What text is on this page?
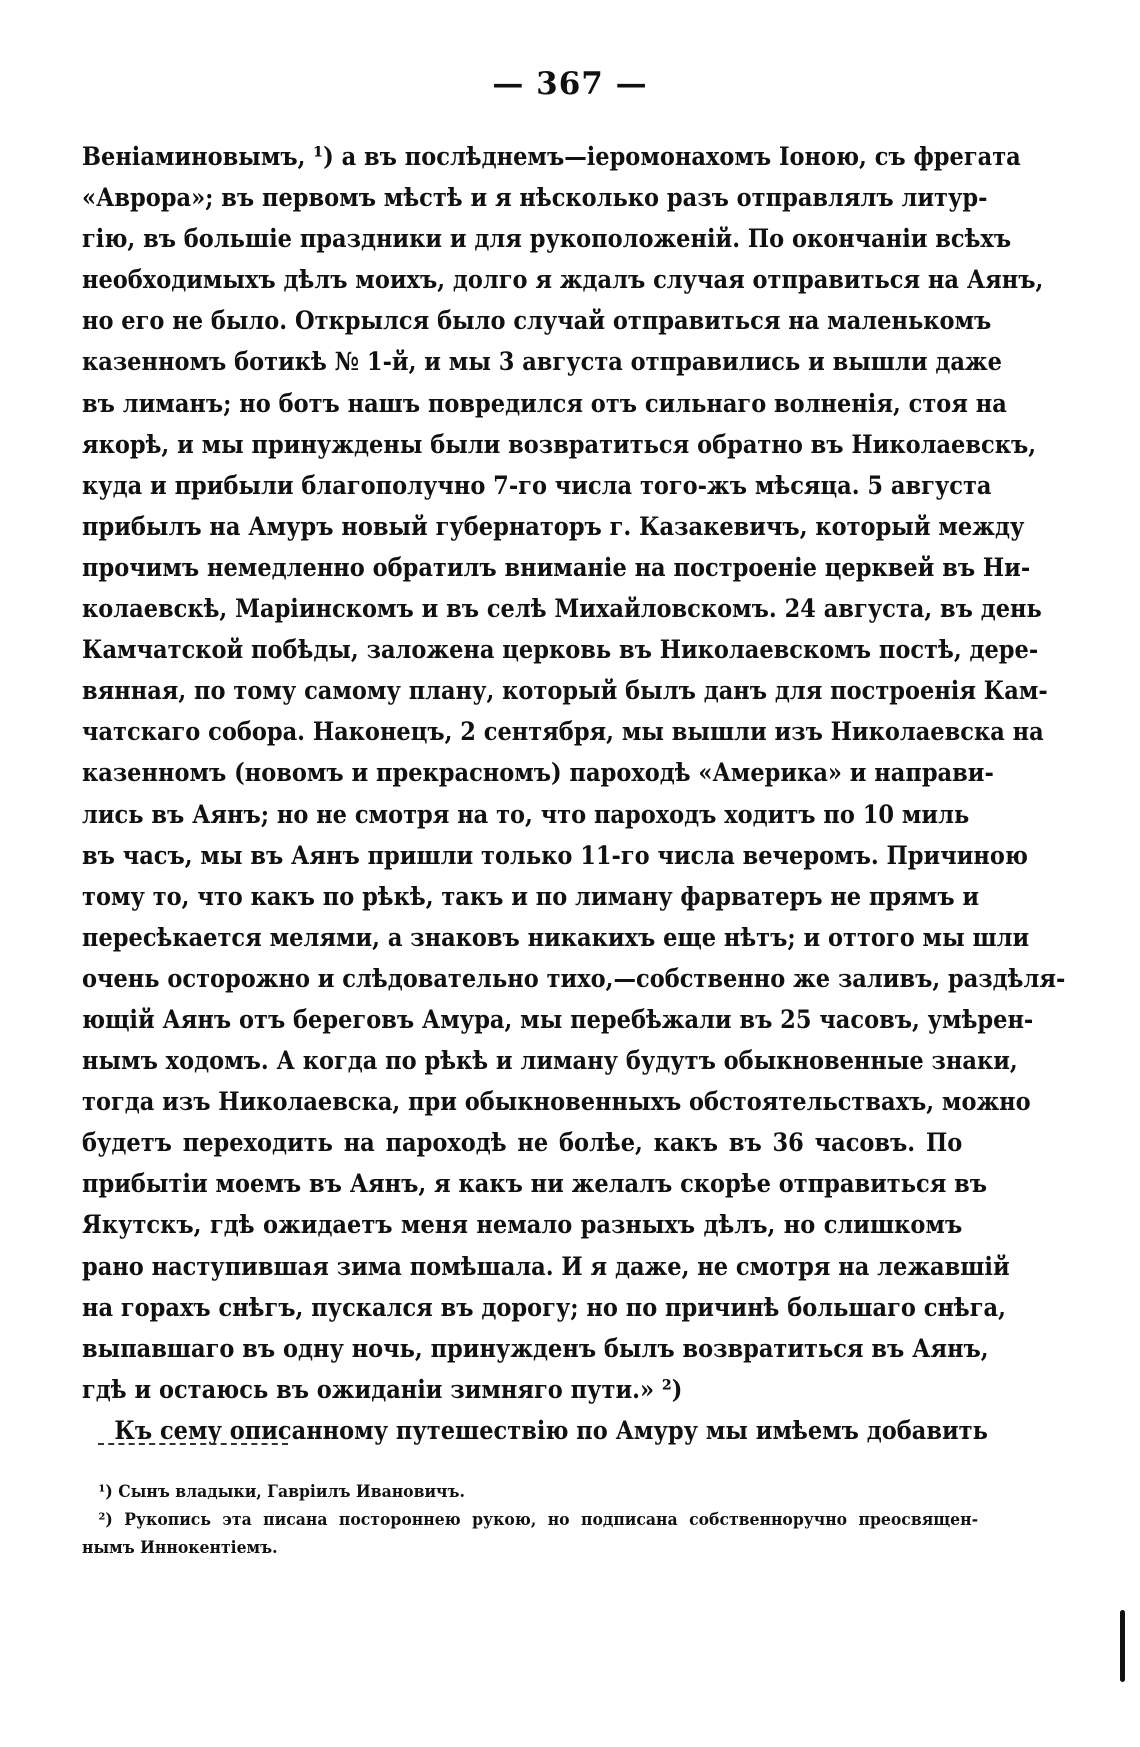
— 367 —
Веніаминовымъ, ¹) а въ послѣднемъ—іеромонахомъ Іоною, съ фрегата
«Аврора»; въ первомъ мѣстѣ и я нѣсколько разъ отправлялъ литур-
гію, въ большіе праздники и для рукоположеній. По окончаніи всѣхъ
необходимыхъ дѣлъ моихъ, долго я ждалъ случая отправиться на Аянъ,
но его не было. Открылся было случай отправиться на маленькомъ
казенномъ ботикѣ № 1-й, и мы 3 августа отправились и вышли даже
въ лиманъ; но ботъ нашъ повредился отъ сильнаго волненія, стоя на
якорѣ, и мы принуждены были возвратиться обратно въ Николаевскъ,
куда и прибыли благополучно 7-го числа того-жъ мѣсяца. 5 августа
прибылъ на Амуръ новый губернаторъ г. Казакевичъ, который между
прочимъ немедленно обратилъ вниманіе на построеніе церквей въ Ни-
колаевскѣ, Маріинскомъ и въ селѣ Михайловскомъ. 24 августа, въ день
Камчатской побѣды, заложена церковь въ Николаевскомъ постѣ, дере-
вянная, по тому самому плану, который былъ данъ для построенія Кам-
чатскаго собора. Наконецъ, 2 сентября, мы вышли изъ Николаевска на
казенномъ (новомъ и прекрасномъ) пароходѣ «Америка» и направи-
лись въ Аянъ; но не смотря на то, что пароходъ ходитъ по 10 миль
въ часъ, мы въ Аянъ пришли только 11-го числа вечеромъ. Причиною
тому то, что какъ по рѣкѣ, такъ и по лиману фарватеръ не прямъ и
пересѣкается мелями, а знаковъ никакихъ еще нѣтъ; и оттого мы шли
очень осторожно и слѣдовательно тихо,—собственно же заливъ, раздѣля-
ющій Аянъ отъ береговъ Амура, мы перебѣжали въ 25 часовъ, умѣрен-
нымъ ходомъ. А когда по рѣкѣ и лиману будутъ обыкновенные знаки,
тогда изъ Николаевска, при обыкновенныхъ обстоятельствахъ, можно
будетъ переходить на пароходѣ не болѣе, какъ въ 36 часовъ. По
прибытіи моемъ въ Аянъ, я какъ ни желалъ скорѣе отправиться въ
Якутскъ, гдѣ ожидаетъ меня немало разныхъ дѣлъ, но слишкомъ
рано наступившая зима помѣшала. И я даже, не смотря на лежавшій
на горахъ снѣгъ, пускался въ дорогу; но по причинѣ большаго снѣга,
выпавшаго въ одну ночь, принужденъ былъ возвратиться въ Аянъ,
гдѣ и остаюсь въ ожиданіи зимняго пути.» ²)
Къ сему описанному путешествію по Амуру мы имѣемъ добавить
¹) Сынъ владыки, Гавріилъ Ивановичъ.
²) Рукопись эта писана постороннею рукою, но подписана собственноручно преосвящен-
нымъ Иннокентіемъ.
